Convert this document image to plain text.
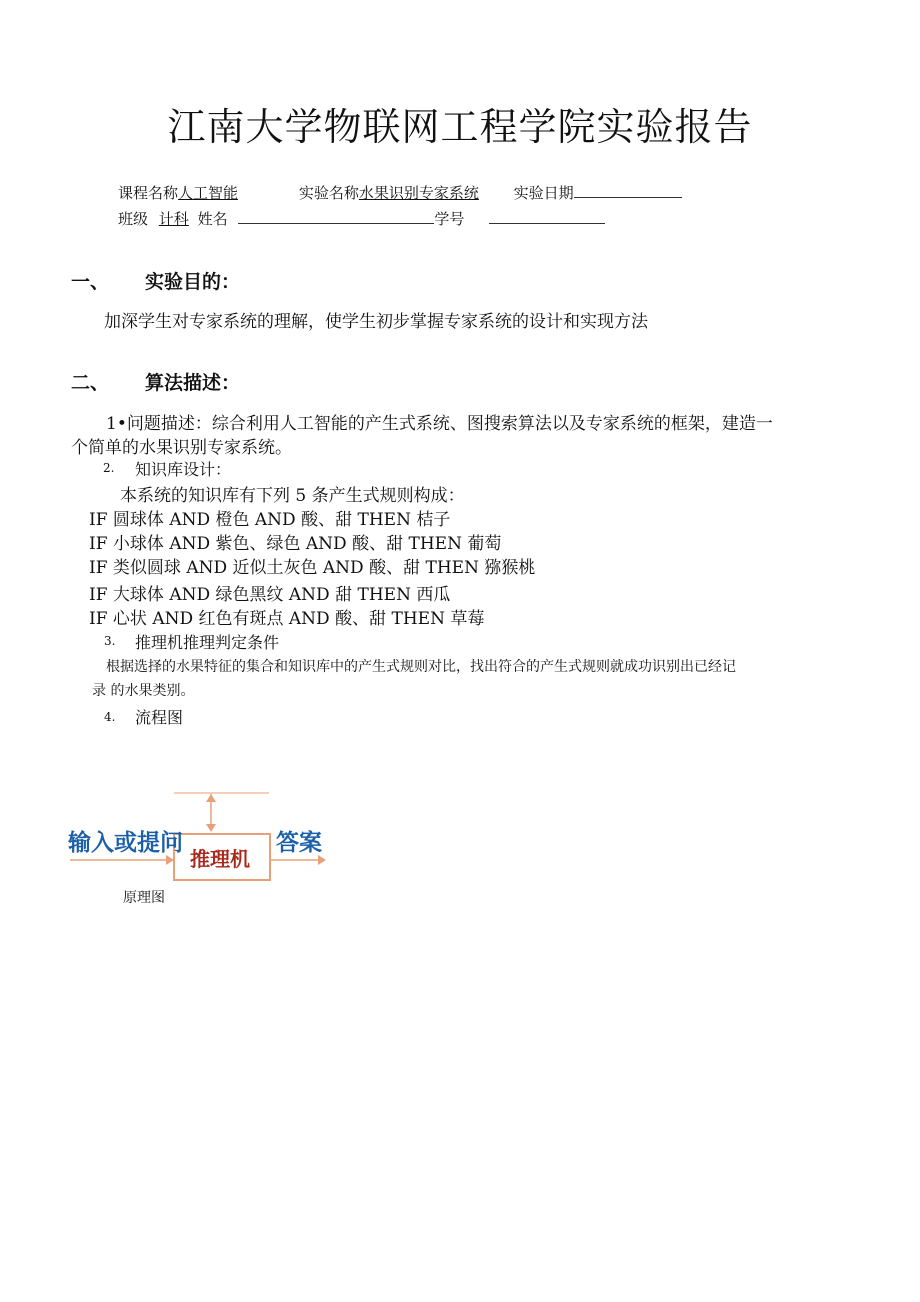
江南大学物联网工程学院实验报告
课程名称人工智能	实验名称水果识别专家系统 实验日期
班级 计科 姓名	学号
一、 实验目的：
加深学生对专家系统的理解，使学生初步掌握专家系统的设计和实现方法
二、 算法描述：
1•问题描述：综合利用人工智能的产生式系统、图搜索算法以及专家系统的框架，建造一
个简单的水果识别专家系统。
2. 知识库设计：
本系统的知识库有下列 5 条产生式规则构成：
IF 圆球体 AND 橙色 AND 酸、甜 THEN 桔子
IF 小球体 AND 紫色、绿色 AND 酸、甜 THEN 葡萄
IF 类似圆球 AND 近似土灰色 AND 酸、甜 THEN 猕猴桃
IF 大球体 AND 绿色黑纹 AND 甜 THEN 西瓜
IF 心状 AND 红色有斑点 AND 酸、甜 THEN 草莓
3. 推理机推理判定条件
根据选择的水果特征的集合和知识库中的产生式规则对比，找出符合的产生式规则就成功识别出已经记
录 的水果类别。
4. 流程图
输入或提问
推理机
答案
原理图
